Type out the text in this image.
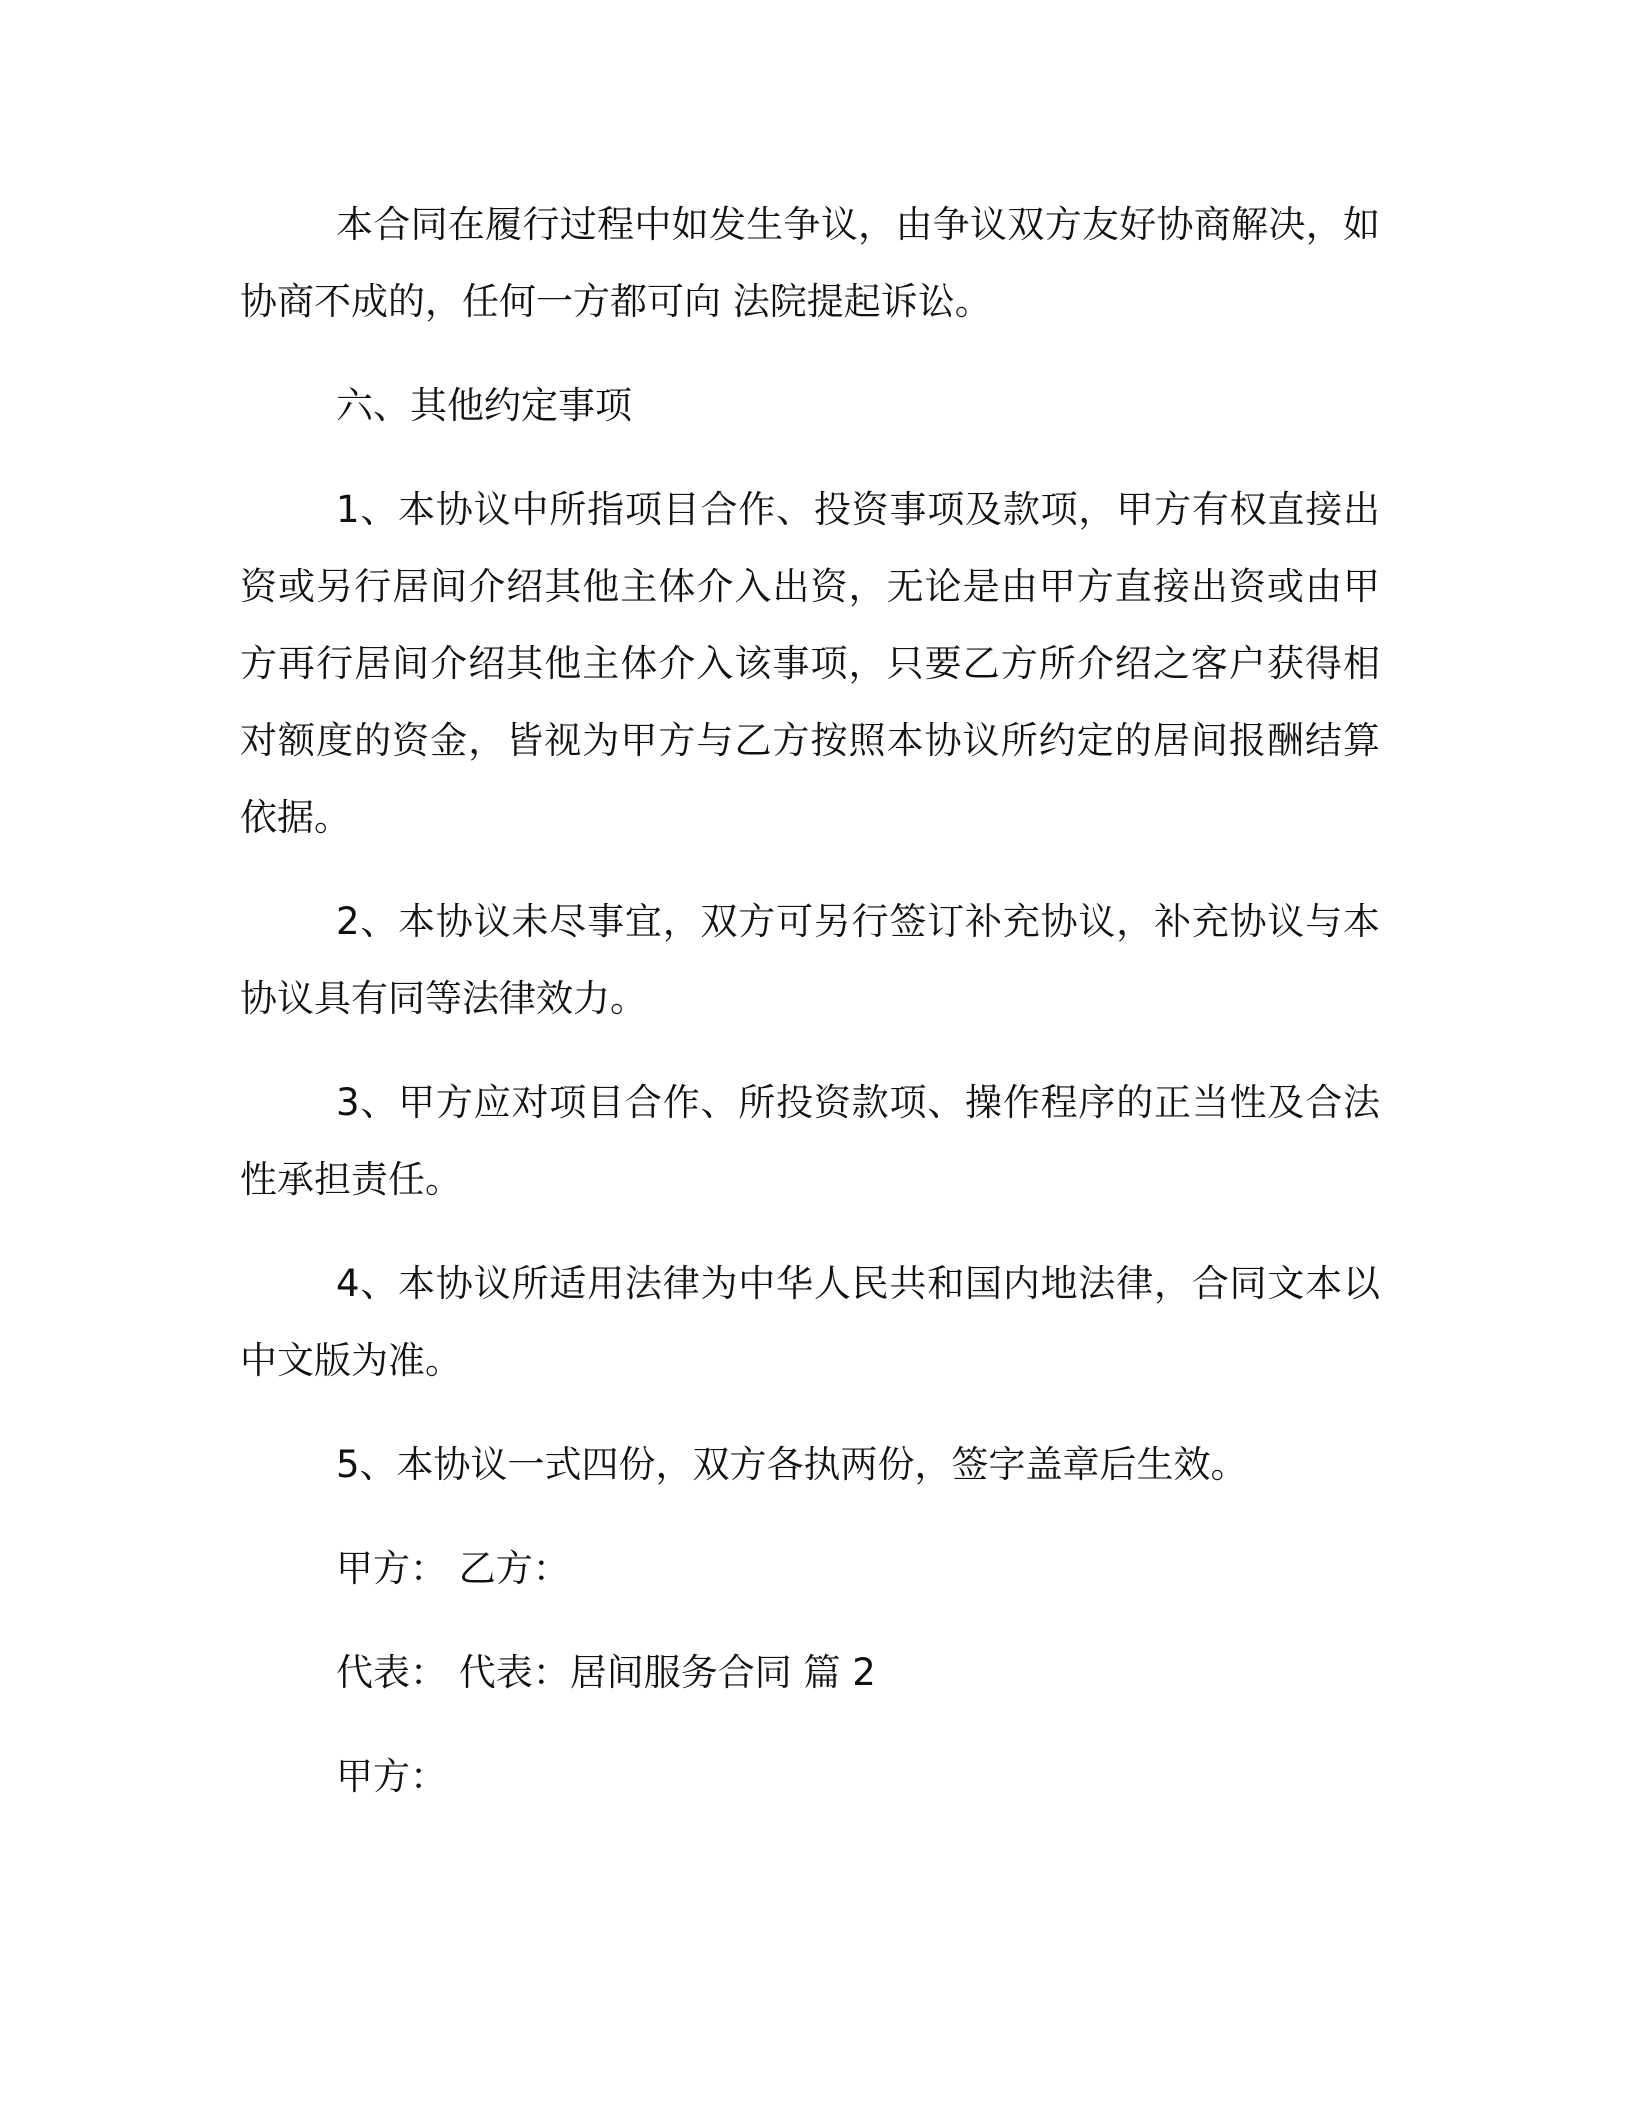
本合同在履行过程中如发生争议，由争议双方友好协商解决，如协商不成的，任何一方都可向 法院提起诉讼。

六、其他约定事项

1、本协议中所指项目合作、投资事项及款项，甲方有权直接出资或另行居间介绍其他主体介入出资，无论是由甲方直接出资或由甲方再行居间介绍其他主体介入该事项，只要乙方所介绍之客户获得相对额度的资金，皆视为甲方与乙方按照本协议所约定的居间报酬结算依据。

2、本协议未尽事宜，双方可另行签订补充协议，补充协议与本协议具有同等法律效力。

3、甲方应对项目合作、所投资款项、操作程序的正当性及合法性承担责任。

4、本协议所适用法律为中华人民共和国内地法律，合同文本以中文版为准。

5、本协议一式四份，双方各执两份，签字盖章后生效。

甲方： 乙方：

代表： 代表：居间服务合同 篇 2

甲方：
